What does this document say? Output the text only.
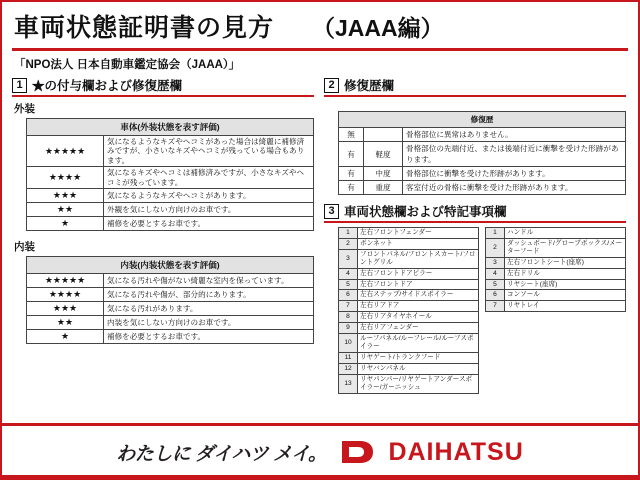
車両状態証明書の見方 （JAAA編）
「NPO法人 日本自動車鑑定協会（JAAA）」
1 ★の付与欄および修復歴欄
外装
車体(外装状態を表す評価)	
★★★★★	気になるようなキズやヘコミがあった場合は綺麗に補修済みですが、小さいなキズやヘコミが残っている場合もあります。
★★★★	気になるキズやヘコミは補修済みですが、小さなキズやヘコミが残っています。
★★★	気になるようなキズやヘコミがあります。
★★	外観を気にしない方向けのお車です。
★	補修を必要とするお車です。
内装
内装(内装状態を表す評価)	
★★★★★	気になる汚れや傷がない綺麗な室内を保っています。
★★★★	気になる汚れや傷が、部分的にあります。
★★★	気になる汚れがあります。
★★	内装を気にしない方向けのお車です。
★	補修を必要とするお車です。
2 修復歴欄
修復歴		
無		骨格部位に異常はありません。
有	軽度	骨格部位の先端付近、または後端付近に衝撃を受けた形跡があります。
有	中度	骨格部位に衝撃を受けた形跡があります。
有	重度	客室付近の骨格に衝撃を受けた形跡があります。
3 車両状態欄および特記事項欄
1	左右フロントフェンダー
2	ボンネット
3	フロントパネル/フロントスカート/フロントグリル
4	左右フロントドアピラー
5	左右フロントドア
6	左右ステップ/サイドスポイラー
7	左右リアドア
8	左右リアタイヤホイール
9	左右リアフェンダー
10	ルーフパネル/ルーフレール/ルーフスポイラー
11	リヤゲート/トランクフード
12	リヤバンパネル
13	リヤパンパー/リヤゲートアンダースポイラー/ガーニッシュ
1	ハンドル
2	ダッシュボード/グローブボックス/メーターフード
3	左右フロントシート(座席)
4	左右ドリル
5	リヤシート(座席)
6	コンソール
7	リヤトレイ
わたしに ダイハツ メイ。 DAIHATSU
